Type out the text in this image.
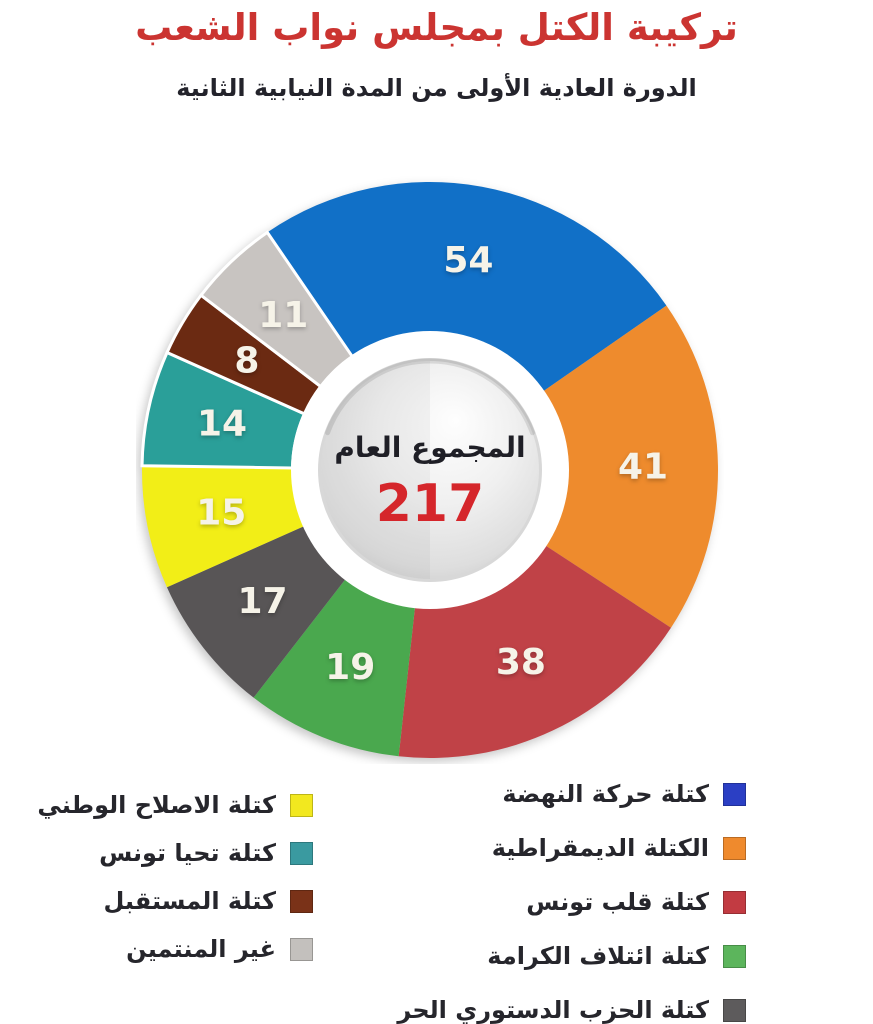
تركيبة الكتل بمجلس نواب الشعب
الدورة العادية الأولى من المدة النيابية الثانية
54
41
38
19
17
15
14
8
11
المجموع العام
217
كتلة حركة النهضة
الكتلة الديمقراطية
كتلة قلب تونس
كتلة ائتلاف الكرامة
كتلة الحزب الدستوري الحر
كتلة الاصلاح الوطني
كتلة تحيا تونس
كتلة المستقبل
غير المنتمين
